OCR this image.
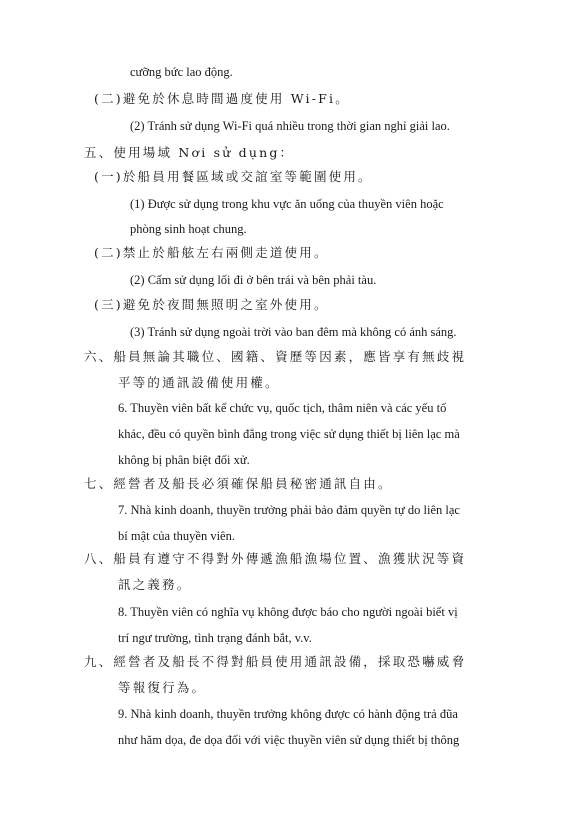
cưỡng bức lao động.
(二)避免於休息時間過度使用 Wi-Fi。
(2) Tránh sử dụng Wi-Fi quá nhiều trong thời gian nghỉ giải lao.
五、使用場域 Nơi sử dụng：
(一)於船員用餐區域或交誼室等範圍使用。
(1) Được sử dụng trong khu vực ăn uống của thuyền viên hoặc
phòng sinh hoạt chung.
(二)禁止於船舷左右兩側走道使用。
(2) Cấm sử dụng lối đi ở bên trái và bên phải tàu.
(三)避免於夜間無照明之室外使用。
(3) Tránh sử dụng ngoài trời vào ban đêm mà không có ánh sáng.
六、船員無論其職位、國籍、資歷等因素，應皆享有無歧視
平等的通訊設備使用權。
6. Thuyền viên bất kể chức vụ, quốc tịch, thâm niên và các yếu tố
khác, đều có quyền bình đẳng trong việc sử dụng thiết bị liên lạc mà
không bị phân biệt đối xử.
七、經營者及船長必須確保船員秘密通訊自由。
7. Nhà kinh doanh, thuyền trưởng phải bảo đảm quyền tự do liên lạc
bí mật của thuyền viên.
八、船員有遵守不得對外傳遞漁船漁場位置、漁獲狀況等資
訊之義務。
8. Thuyền viên có nghĩa vụ không được báo cho người ngoài biết vị
trí ngư trường, tình trạng đánh bắt, v.v.
九、經營者及船長不得對船員使用通訊設備，採取恐嚇威脅
等報復行為。
9. Nhà kinh doanh, thuyền trưởng không được có hành động trả đũa
như hăm dọa, đe dọa đối với việc thuyền viên sử dụng thiết bị thông
